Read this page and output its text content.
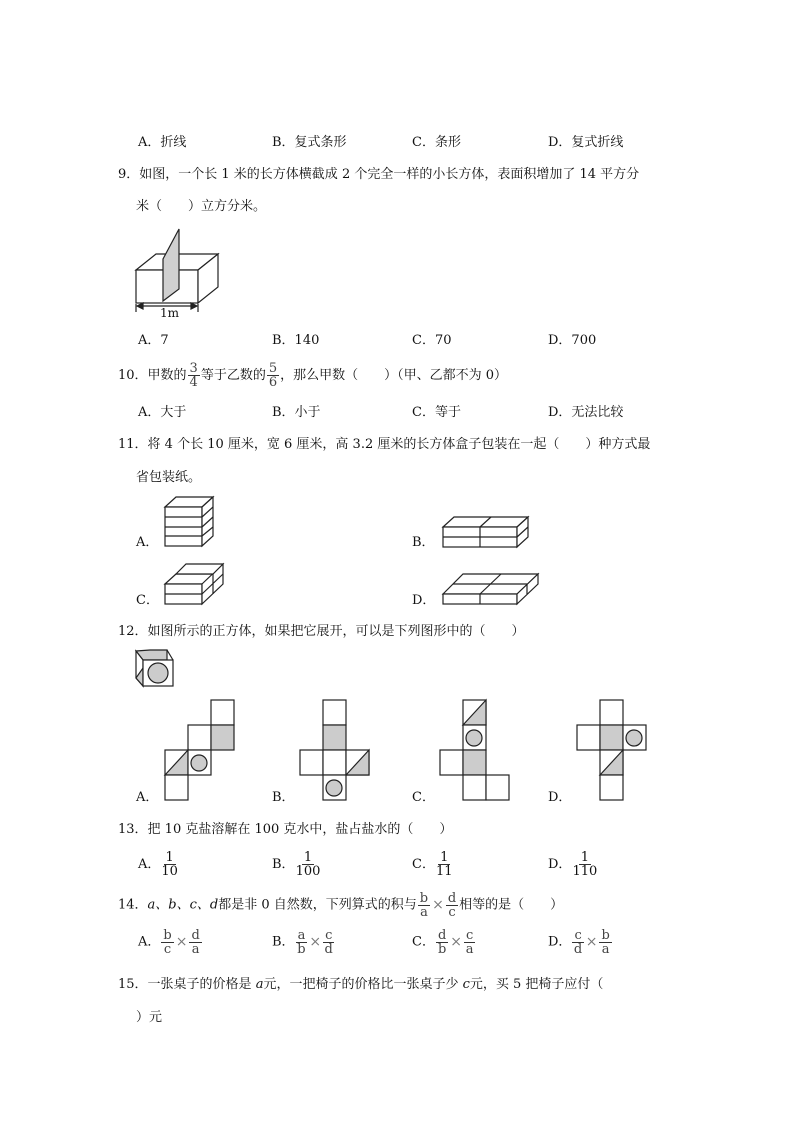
A．折线	B．复式条形	C．条形	D．复式折线
9．如图，一个长 1 米的长方体横截成 2 个完全一样的小长方体，表面积增加了 14 平方分
米（　　）立方分米。
1m
A．7	B．140	C．70	D．700
10．甲数的 $\frac{3}{4}$ 等于乙数的 $\frac{5}{6}$ ，那么甲数（　　）（甲、乙都不为 0）
A．大于	B．小于	C．等于	D．无法比较
11．将 4 个长 10 厘米，宽 6 厘米，高 3.2 厘米的长方体盒子包装在一起（　　）种方式最
省包装纸。
A．	B．
C．	D．
12．如图所示的正方体，如果把它展开，可以是下列图形中的（　　）
A．	B．	C．	D．
13．把 10 克盐溶解在 100 克水中，盐占盐水的（　　）
A． $\frac{1}{10}$	B． $\frac{1}{100}$	C． $\frac{1}{11}$	D． $\frac{1}{110}$
14．a、b、c、d都是非 0 自然数，下列算式的积与 $\frac{b}{a} \times \frac{d}{c}$ 相等的是（　　）
A． $\frac{b}{c} \times \frac{d}{a}$	B． $\frac{a}{b} \times \frac{c}{d}$	C． $\frac{d}{b} \times \frac{c}{a}$	D． $\frac{c}{d} \times \frac{b}{a}$
15．一张桌子的价格是 a元，一把椅子的价格比一张桌子少 c元，买 5 把椅子应付（
）元
